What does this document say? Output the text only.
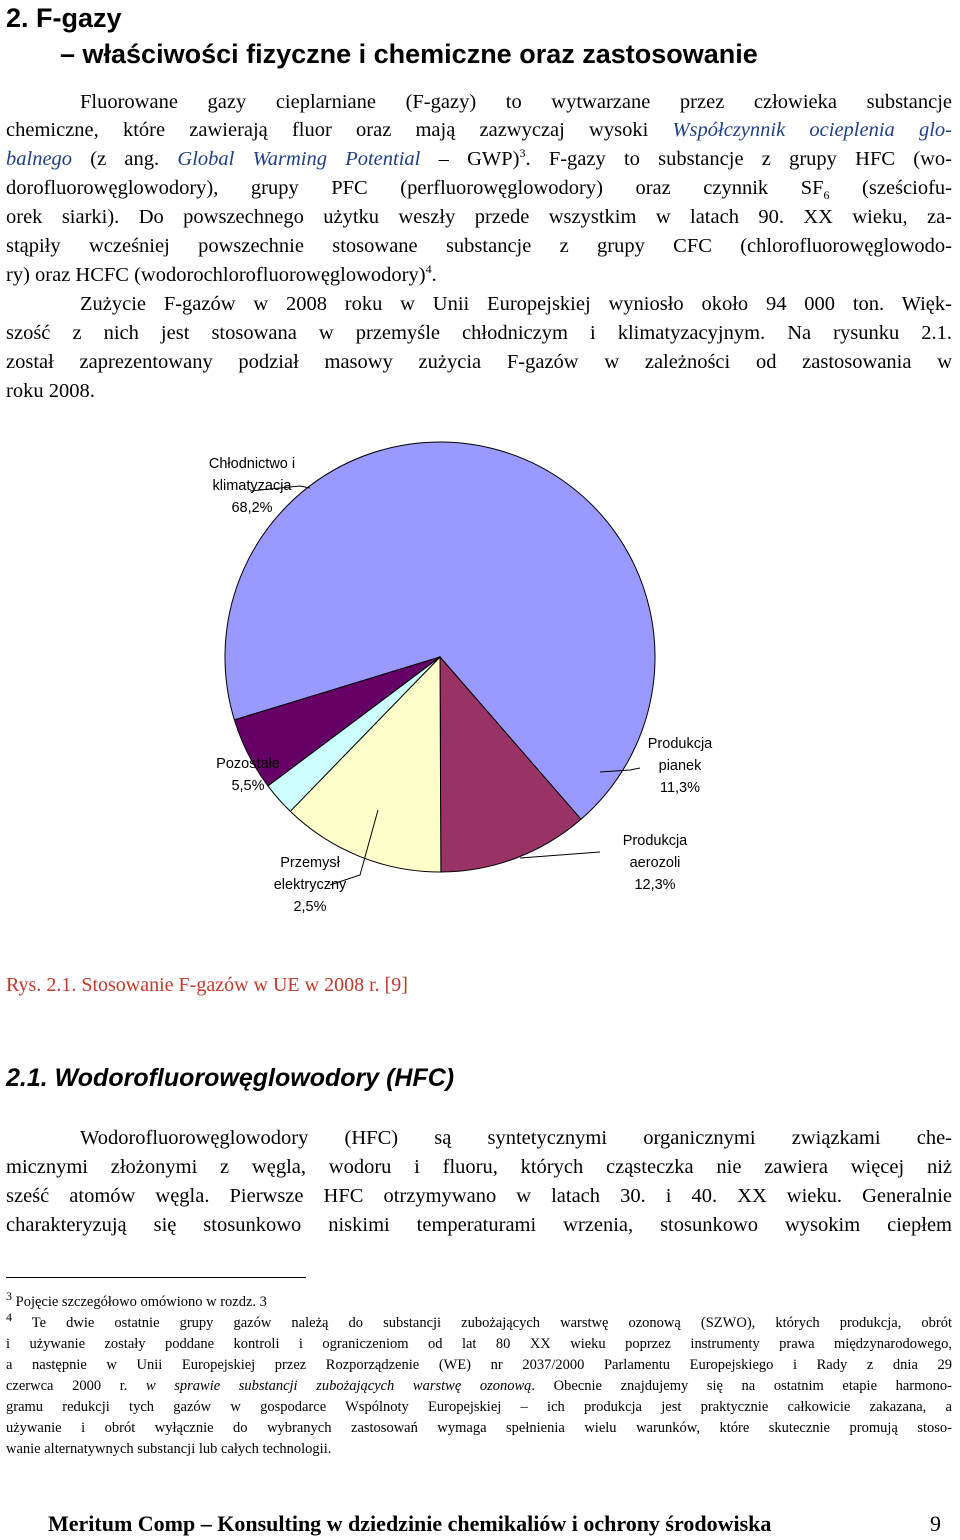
2. F-gazy
– właściwości fizyczne i chemiczne oraz zastosowanie
Fluorowane gazy cieplarniane (F-gazy) to wytwarzane przez człowieka substancje
chemiczne, które zawierają fluor oraz mają zazwyczaj wysoki Współczynnik ocieplenia glo-
balnego (z ang. Global Warming Potential – GWP)$^3$. F-gazy to substancje z grupy HFC (wo-
dorofluorowęglowodory), grupy PFC (perfluorowęglowodory) oraz czynnik $SF_6$ (sześciofu-
orek siarki). Do powszechnego użytku weszły przede wszystkim w latach 90. XX wieku, za-
stąpiły wcześniej powszechnie stosowane substancje z grupy CFC (chlorofluorowęglowodo-
ry) oraz HCFC (wodorochlorofluorowęglowodory)$^4$.
Zużycie F-gazów w 2008 roku w Unii Europejskiej wyniosło około 94 000 ton. Więk-
szość z nich jest stosowana w przemyśle chłodniczym i klimatyzacyjnym. Na rysunku 2.1.
został zaprezentowany podział masowy zużycia F-gazów w zależności od zastosowania w
roku 2008.
Chłodnictwo i
klimatyzacja
68,2%
Produkcja
pianek
11,3%
Produkcja
aerozoli
12,3%
Przemysł
elektryczny
2,5%
Pozostałe
5,5%
Rys. 2.1. Stosowanie F-gazów w UE w 2008 r. [9]
2.1. Wodorofluorowęglowodory (HFC)
Wodorofluorowęglowodory (HFC) są syntetycznymi organicznymi związkami che-
micznymi złożonymi z węgla, wodoru i fluoru, których cząsteczka nie zawiera więcej niż
sześć atomów węgla. Pierwsze HFC otrzymywano w latach 30. i 40. XX wieku. Generalnie
charakteryzują się stosunkowo niskimi temperaturami wrzenia, stosunkowo wysokim ciepłem
$^3$ Pojęcie szczegółowo omówiono w rozdz. 3
$^4$ Te dwie ostatnie grupy gazów należą do substancji zubożających warstwę ozonową (SZWO), których produkcja, obrót
i używanie zostały poddane kontroli i ograniczeniom od lat 80 XX wieku poprzez instrumenty prawa międzynarodowego,
a następnie w Unii Europejskiej przez Rozporządzenie (WE) nr 2037/2000 Parlamentu Europejskiego i Rady z dnia 29
czerwca 2000 r. w sprawie substancji zubożających warstwę ozonową. Obecnie znajdujemy się na ostatnim etapie harmono-
gramu redukcji tych gazów w gospodarce Wspólnoty Europejskiej – ich produkcja jest praktycznie całkowicie zakazana, a
używanie i obrót wyłącznie do wybranych zastosowań wymaga spełnienia wielu warunków, które skutecznie promują stoso-
wanie alternatywnych substancji lub całych technologii.
Meritum Comp – Konsulting w dziedzinie chemikaliów i ochrony środowiska	9
